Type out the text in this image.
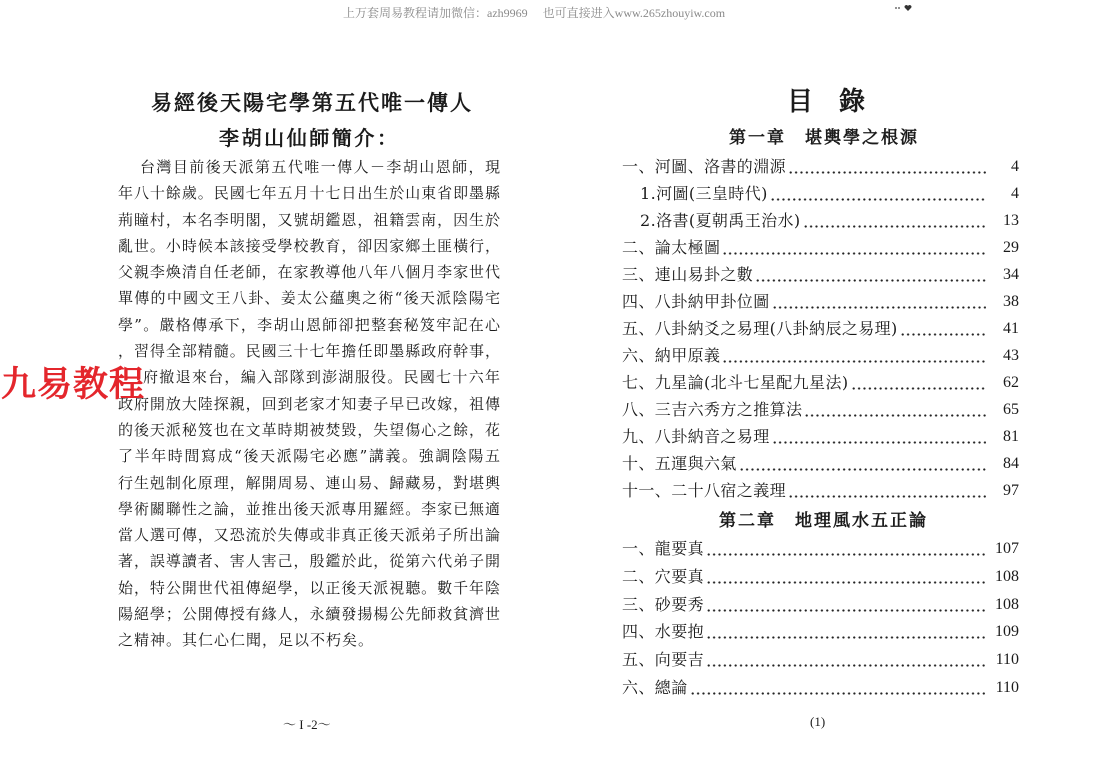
上万套周易教程请加微信：azh9969　 也可直接进入www.265zhouyiw.com
易經後天陽宅學第五代唯一傳人
李胡山仙師簡介：
台灣目前後天派第五代唯一傳人－李胡山恩師，現
年八十餘歲。民國七年五月十七日出生於山東省即墨縣
荊瞳村，本名李明閣，又號胡鑑恩，祖籍雲南，因生於
亂世。小時候本該接受學校教育，卻因家鄉土匪橫行，
父親李煥清自任老師，在家教導他八年八個月李家世代
單傳的中國文王八卦、姜太公蘊奧之術“後天派陰陽宅
學”。嚴格傳承下，李胡山恩師卻把整套秘笈牢記在心
，習得全部精髓。民國三十七年擔任即墨縣政府幹事，
府撤退來台，編入部隊到澎湖服役。民國七十六年
政府開放大陸探親，回到老家才知妻子早已改嫁，祖傳
的後天派秘笈也在文革時期被焚毀，失望傷心之餘，花
了半年時間寫成“後天派陽宅必應”講義。強調陰陽五
行生剋制化原理，解開周易、連山易、歸藏易，對堪輿
學術關聯性之論，並推出後天派專用羅經。李家已無適
當人選可傳，又恐流於失傳或非真正後天派弟子所出論
著，誤導讀者、害人害己，殷鑑於此，從第六代弟子開
始，特公開世代祖傳絕學，以正後天派視聽。數千年陰
陽絕學；公開傳授有緣人，永續發揚楊公先師救貧濟世
之精神。其仁心仁聞，足以不朽矣。
～ I -2～
九易教程
目　錄
第一章　堪輿學之根源
一、河圖、洛書的淵源	4
1.河圖(三皇時代)	4
2.洛書(夏朝禹王治水)	13
二、論太極圖	29
三、連山易卦之數	34
四、八卦納甲卦位圖	38
五、八卦納爻之易理(八卦納辰之易理)	41
六、納甲原義	43
七、九星論(北斗七星配九星法)	62
八、三吉六秀方之推算法	65
九、八卦納音之易理	81
十、五運與六氣	84
十一、二十八宿之義理	97
第二章　地理風水五正論
一、龍要真	107
二、穴要真	108
三、砂要秀	108
四、水要抱	109
五、向要吉	110
六、總論	110
(1)
